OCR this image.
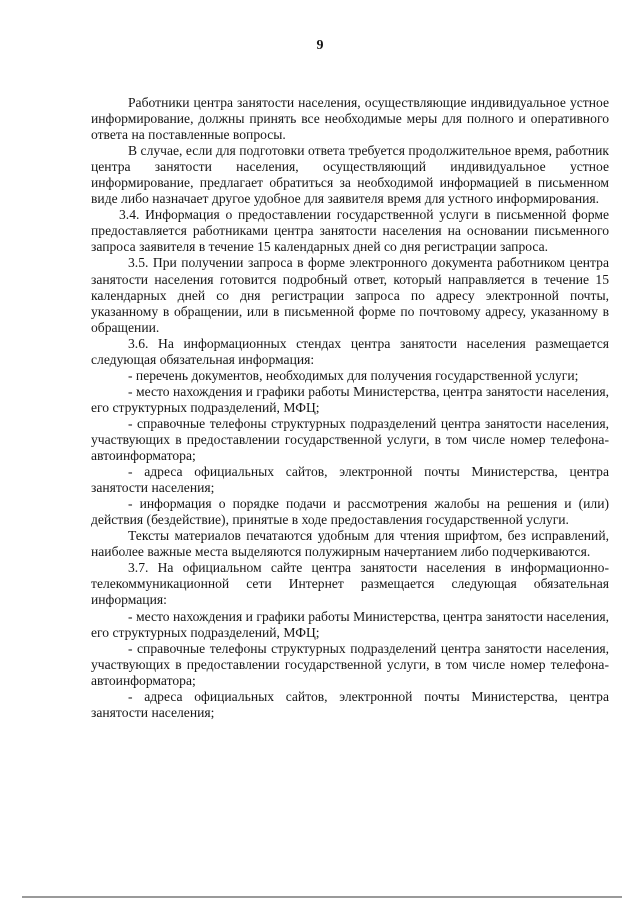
9

Работники центра занятости населения, осуществляющие индивидуальное устное информирование, должны принять все необходимые меры для полного и оперативного ответа на поставленные вопросы.

В случае, если для подготовки ответа требуется продолжительное время, работник центра занятости населения, осуществляющий индивидуальное устное информирование, предлагает обратиться за необходимой информацией в письменном виде либо назначает другое удобное для заявителя время для устного информирования.

3.4. Информация о предоставлении государственной услуги в письменной форме предоставляется работниками центра занятости населения на основании письменного запроса заявителя в течение 15 календарных дней со дня регистрации запроса.

3.5. При получении запроса в форме электронного документа работником центра занятости населения готовится подробный ответ, который направляется в течение 15 календарных дней со дня регистрации запроса по адресу электронной почты, указанному в обращении, или в письменной форме по почтовому адресу, указанному в обращении.

3.6. На информационных стендах центра занятости населения размещается следующая обязательная информация:

- перечень документов, необходимых для получения государственной услуги;

- место нахождения и графики работы Министерства, центра занятости населения, его структурных подразделений, МФЦ;

- справочные телефоны структурных подразделений центра занятости населения, участвующих в предоставлении государственной услуги, в том числе номер телефона-автоинформатора;

- адреса официальных сайтов, электронной почты Министерства, центра занятости населения;

- информация о порядке подачи и рассмотрения жалобы на решения и (или) действия (бездействие), принятые в ходе предоставления государственной услуги.

Тексты материалов печатаются удобным для чтения шрифтом, без исправлений, наиболее важные места выделяются полужирным начертанием либо подчеркиваются.

3.7. На официальном сайте центра занятости населения в информационно-телекоммуникационной сети Интернет размещается следующая обязательная информация:

- место нахождения и графики работы Министерства, центра занятости населения, его структурных подразделений, МФЦ;

- справочные телефоны структурных подразделений центра занятости населения, участвующих в предоставлении государственной услуги, в том числе номер телефона-автоинформатора;

- адреса официальных сайтов, электронной почты Министерства, центра занятости населения;
